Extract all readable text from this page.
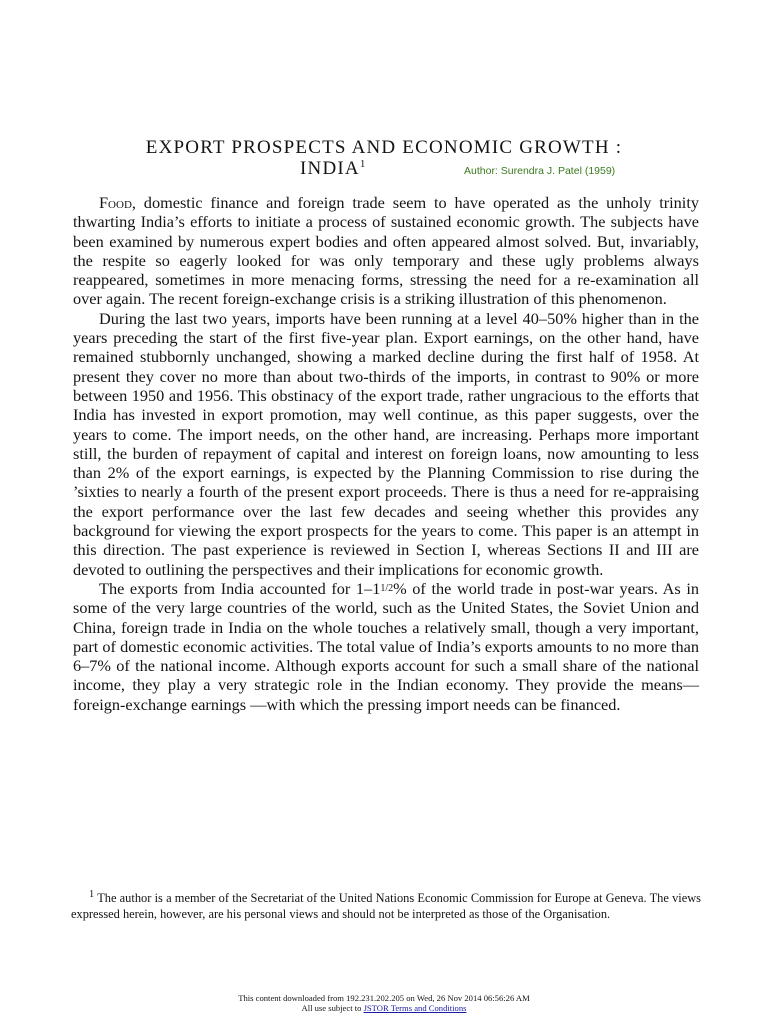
EXPORT PROSPECTS AND ECONOMIC GROWTH :
INDIA$^1$
Author: Surendra J. Patel (1959)

Food, domestic finance and foreign trade seem to have operated as the unholy trinity thwarting India’s efforts to initiate a process of sustained economic growth. The subjects have been examined by numerous expert bodies and often appeared almost solved. But, invariably, the respite so eagerly looked for was only temporary and these ugly problems always reappeared, sometimes in more menacing forms, stressing the need for a re-examination all over again. The recent foreign-exchange crisis is a striking illustration of this phenomenon.

During the last two years, imports have been running at a level 40–50% higher than in the years preceding the start of the first five-year plan. Export earnings, on the other hand, have remained stubbornly unchanged, showing a marked decline during the first half of 1958. At present they cover no more than about two-thirds of the imports, in contrast to 90% or more between 1950 and 1956. This obstinacy of the export trade, rather ungracious to the efforts that India has invested in export promotion, may well continue, as this paper suggests, over the years to come. The import needs, on the other hand, are increasing. Perhaps more important still, the burden of repayment of capital and interest on foreign loans, now amounting to less than 2% of the export earnings, is expected by the Planning Commission to rise during the ’sixties to nearly a fourth of the present export proceeds. There is thus a need for re-appraising the export performance over the last few decades and seeing whether this provides any background for viewing the export prospects for the years to come. This paper is an attempt in this direction. The past experience is reviewed in Section I, whereas Sections II and III are devoted to outlining the perspectives and their implications for economic growth.

The exports from India accounted for 1–11/2% of the world trade in post-war years. As in some of the very large countries of the world, such as the United States, the Soviet Union and China, foreign trade in India on the whole touches a relatively small, though a very important, part of domestic economic activities. The total value of India’s exports amounts to no more than 6–7% of the national income. Although exports account for such a small share of the national income, they play a very strategic role in the Indian economy. They provide the means—foreign-exchange earnings —with which the pressing import needs can be financed.

$^1$ The author is a member of the Secretariat of the United Nations Economic Commission for Europe at Geneva. The views expressed herein, however, are his personal views and should not be interpreted as those of the Organisation.

This content downloaded from 192.231.202.205 on Wed, 26 Nov 2014 06:56:26 AM
All use subject to JSTOR Terms and Conditions
